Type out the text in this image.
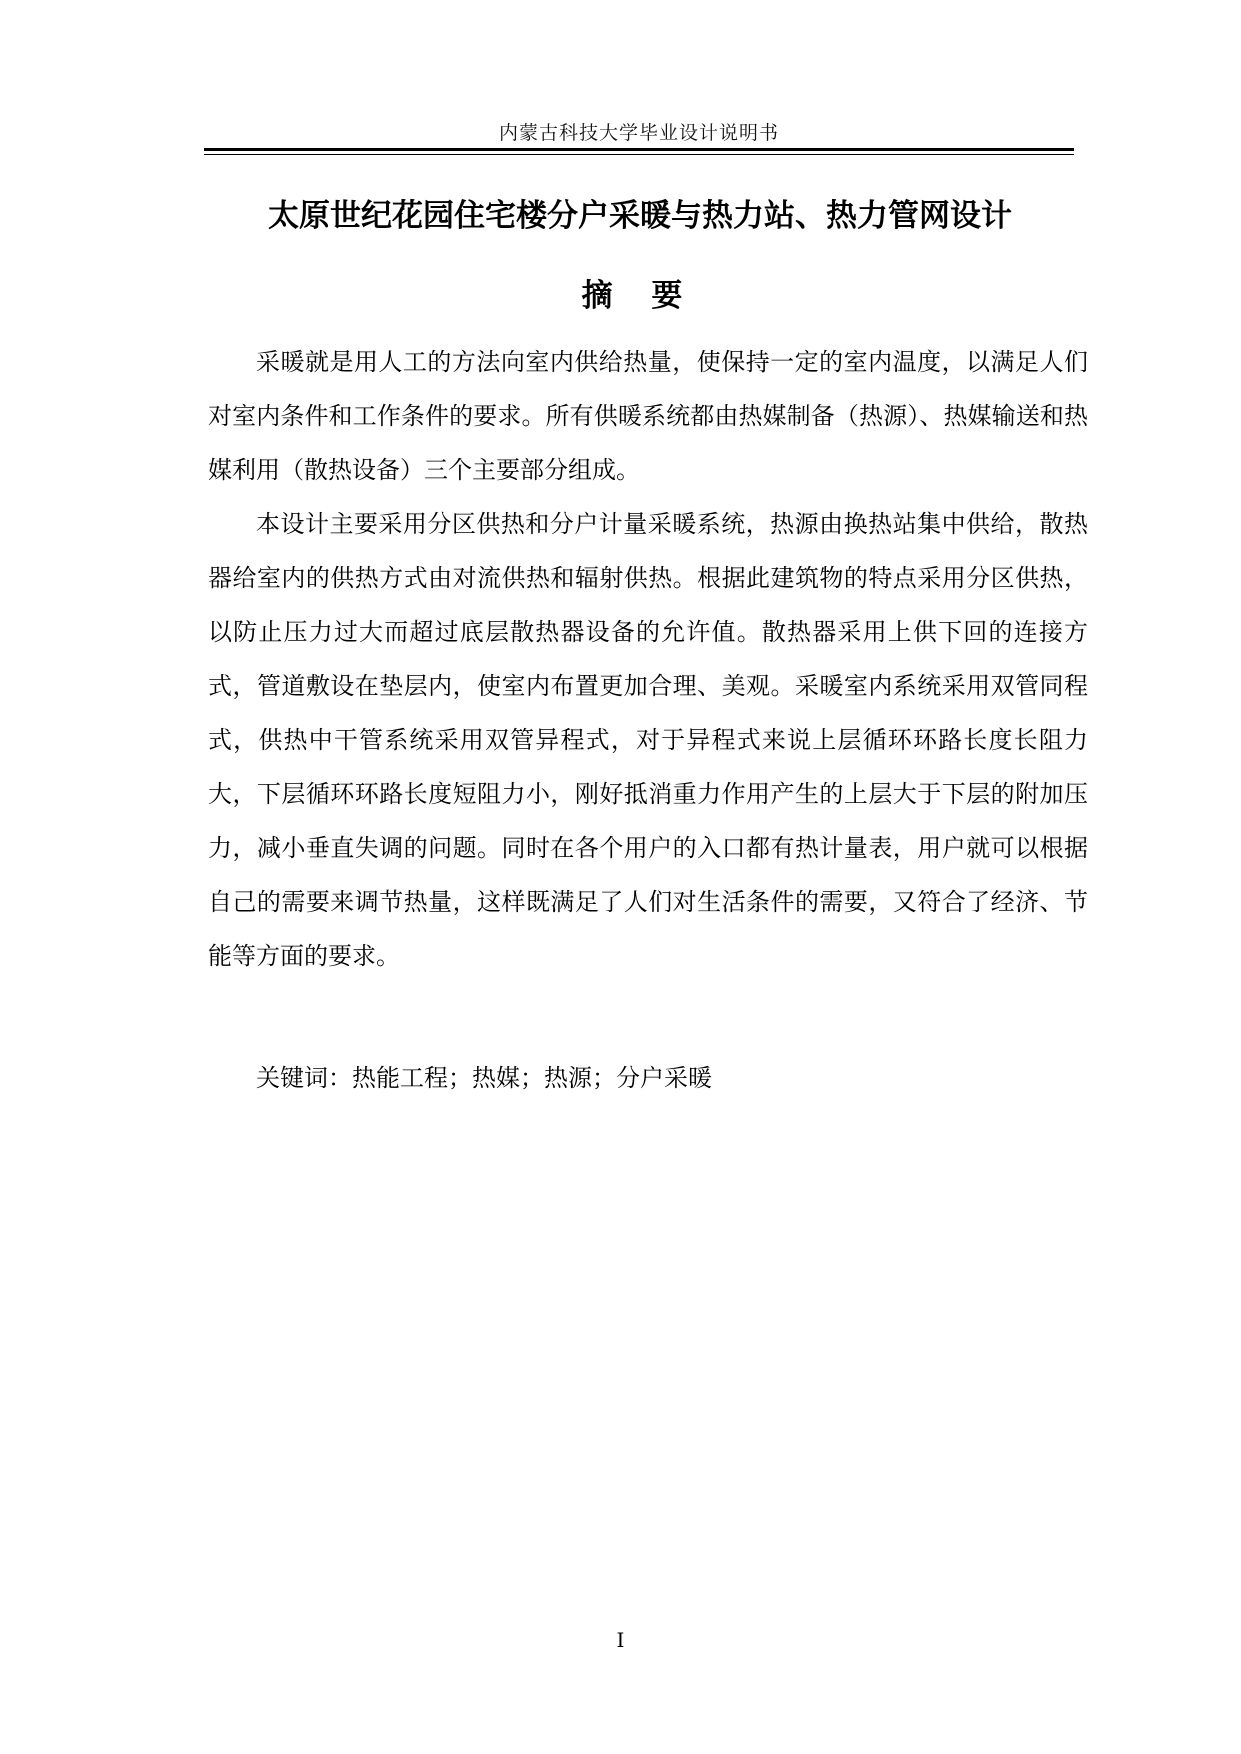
内蒙古科技大学毕业设计说明书
太原世纪花园住宅楼分户采暖与热力站、热力管网设计
摘 要

采暖就是用人工的方法向室内供给热量，使保持一定的室内温度，以满足人们对室内条件和工作条件的要求。所有供暖系统都由热媒制备（热源）、热媒输送和热媒利用（散热设备）三个主要部分组成。

本设计主要采用分区供热和分户计量采暖系统，热源由换热站集中供给，散热器给室内的供热方式由对流供热和辐射供热。根据此建筑物的特点采用分区供热，以防止压力过大而超过底层散热器设备的允许值。散热器采用上供下回的连接方式，管道敷设在垫层内，使室内布置更加合理、美观。采暖室内系统采用双管同程式，供热中干管系统采用双管异程式，对于异程式来说上层循环环路长度长阻力大，下层循环环路长度短阻力小，刚好抵消重力作用产生的上层大于下层的附加压力，减小垂直失调的问题。同时在各个用户的入口都有热计量表，用户就可以根据自己的需要来调节热量，这样既满足了人们对生活条件的需要，又符合了经济、节能等方面的要求。

关键词：热能工程；热媒；热源；分户采暖
I
